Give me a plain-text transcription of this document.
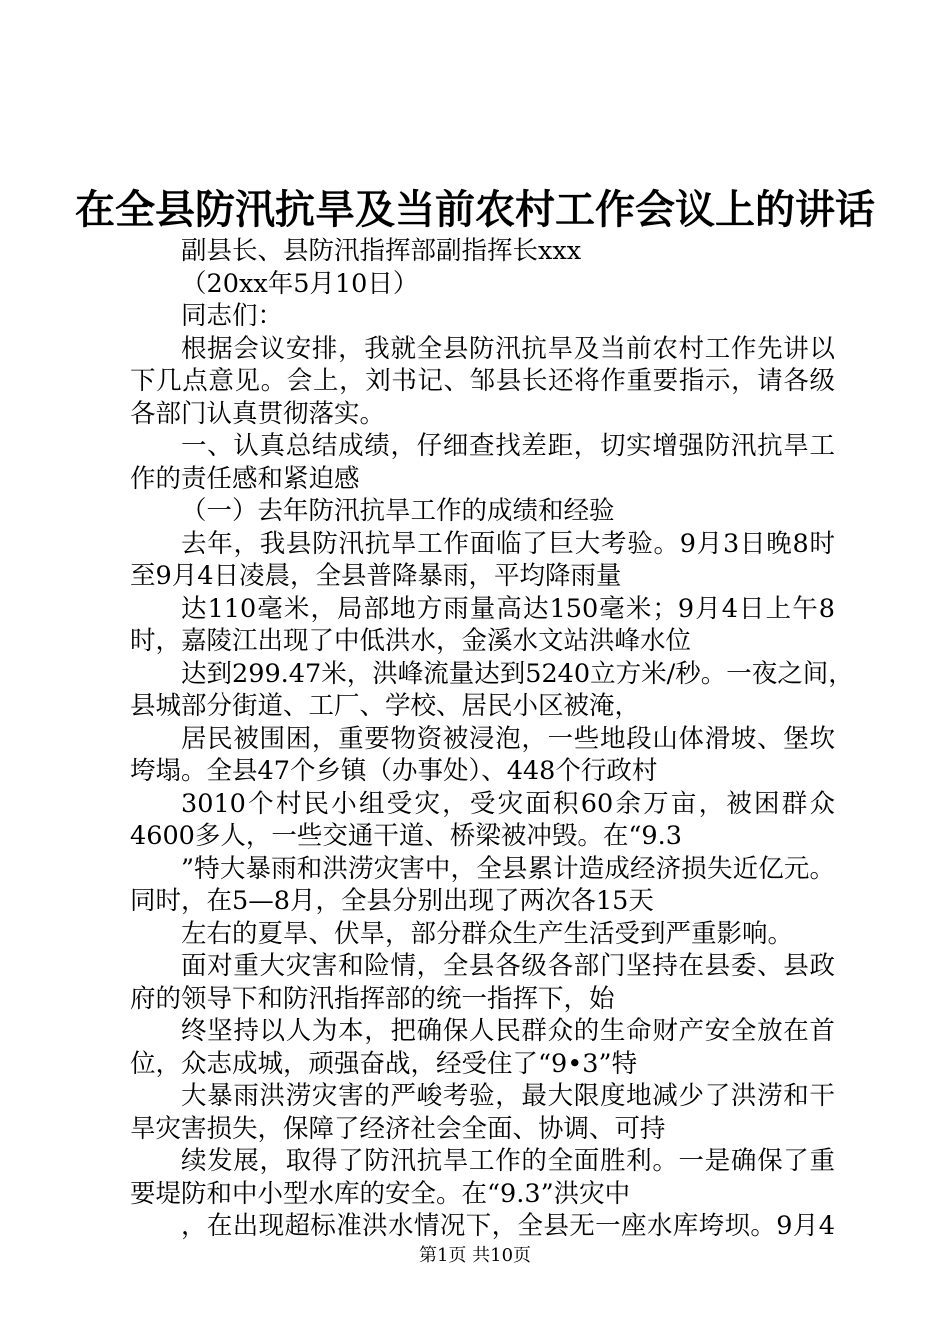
在全县防汛抗旱及当前农村工作会议上的讲话
副县长、县防汛指挥部副指挥长xxx
（20xx年5月10日）
同志们：
根据会议安排，我就全县防汛抗旱及当前农村工作先讲以
下几点意见。会上，刘书记、邹县长还将作重要指示，请各级
各部门认真贯彻落实。
一、认真总结成绩，仔细查找差距，切实增强防汛抗旱工
作的责任感和紧迫感
（一）去年防汛抗旱工作的成绩和经验
去年，我县防汛抗旱工作面临了巨大考验。9月3日晚8时
至9月4日凌晨，全县普降暴雨，平均降雨量
达110毫米，局部地方雨量高达150毫米；9月4日上午8
时，嘉陵江出现了中低洪水，金溪水文站洪峰水位
达到299.47米，洪峰流量达到5240立方米/秒。一夜之间，
县城部分街道、工厂、学校、居民小区被淹，
居民被围困，重要物资被浸泡，一些地段山体滑坡、堡坎
垮塌。全县47个乡镇（办事处）、448个行政村
3010个村民小组受灾，受灾面积60余万亩，被困群众
4600多人，一些交通干道、桥梁被冲毁。在“9.3
”特大暴雨和洪涝灾害中，全县累计造成经济损失近亿元。
同时，在5—8月，全县分别出现了两次各15天
左右的夏旱、伏旱，部分群众生产生活受到严重影响。
面对重大灾害和险情，全县各级各部门坚持在县委、县政
府的领导下和防汛指挥部的统一指挥下，始
终坚持以人为本，把确保人民群众的生命财产安全放在首
位，众志成城，顽强奋战，经受住了“9•3”特
大暴雨洪涝灾害的严峻考验，最大限度地减少了洪涝和干
旱灾害损失，保障了经济社会全面、协调、可持
续发展，取得了防汛抗旱工作的全面胜利。一是确保了重
要堤防和中小型水库的安全。在“9.3”洪灾中
，在出现超标准洪水情况下，全县无一座水库垮坝。9月4
第1页 共10页
